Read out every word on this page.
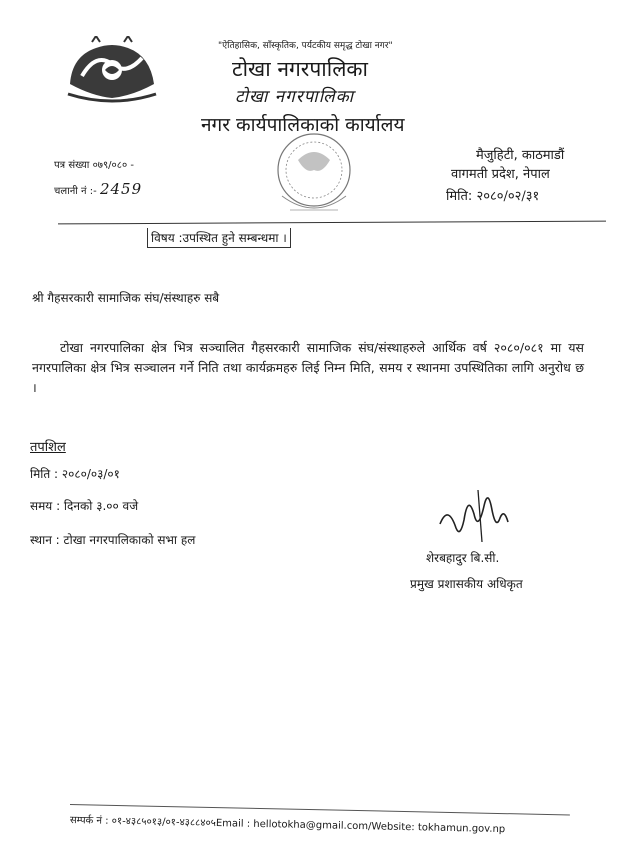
"ऐतिहासिक, साँस्कृतिक, पर्यटकीय समृद्ध टोखा नगर"
टोखा नगरपालिका
टोखा नगरपालिका
नगर कार्यपालिकाको कार्यालय
मैजुहिटी, काठमाडौं
वागमती प्रदेश, नेपाल
मिति: २०८०/०२/३१
पत्र संख्या ०७९/०८० -
चलानी नं :- 2459
विषय :उपस्थित हुने सम्बन्धमा ।
श्री गैहसरकारी सामाजिक संघ/संस्थाहरु सबै
टोखा नगरपालिका क्षेत्र भित्र सञ्चालित गैहसरकारी सामाजिक संघ/संस्थाहरुले आर्थिक वर्ष २०८०/०८१ मा यस नगरपालिका क्षेत्र भित्र सञ्चालन गर्ने निति तथा कार्यक्रमहरु लिई निम्न मिति, समय र स्थानमा उपस्थितिका लागि अनुरोध छ ।
तपशिल
मिति : २०८०/०३/०१
समय : दिनको ३.०० वजे
स्थान : टोखा नगरपालिकाको सभा हल
शेरबहादुर बि.सी.
प्रमुख प्रशासकीय अधिकृत
सम्पर्क नं : ०१-४३८५०१३/०१-४३८८४०५Email : hellotokha@gmail.com/Website: tokhamun.gov.np
